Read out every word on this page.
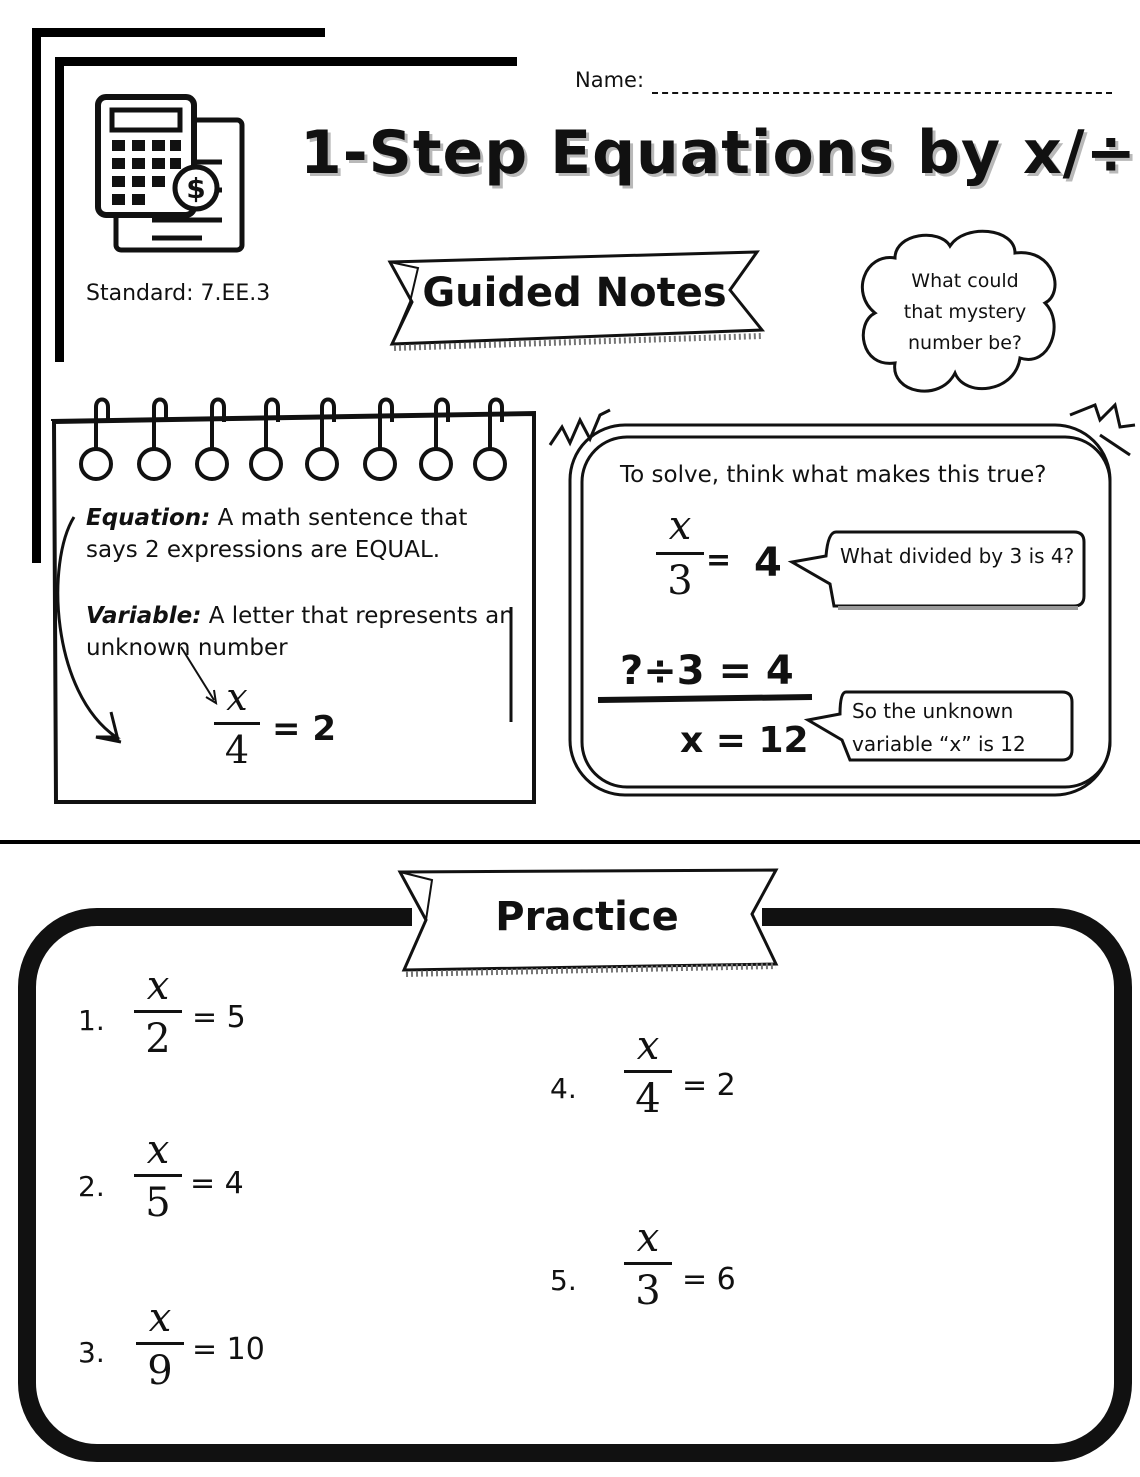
Name:
$
1-Step Equations by x/÷
Standard: 7.EE.3	Guided Notes	What could
that mystery
number be?

Equation: A math sentence that says 2 expressions are EQUAL.

Variable: A letter that represents an unknown number

x
4 = 2
To solve, think what makes this true?
x
3 = 4	What divided by 3 is 4?
?÷3 = 4
x = 12
So the unknown
variable “x” is 12
Practice
1.
x
2 = 5
2.
x
5 = 4
3.
x
9 = 10
4.
x
4 = 2
5.
x
3 = 6
